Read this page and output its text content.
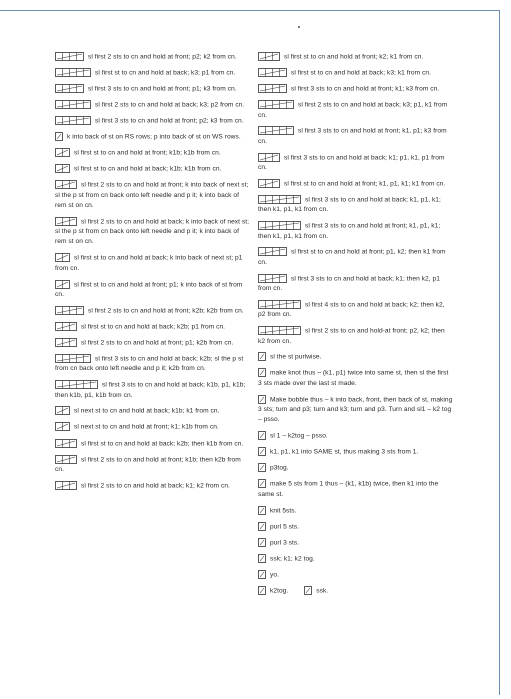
sl first 2 sts to cn and hold at front; p2; k2 from cn.
sl first st to cn and hold at back; k3; p1 from cn.
sl first 3 sts to cn and hold at front; p1; k3 from cn.
sl first 2 sts to cn and hold at back; k3; p2 from cn.
sl first 3 sts to cn and hold at front; p2; k3 from cn.
k into back of st on RS rows; p into back of st on WS rows.
sl first st to cn and hold at front; k1b; k1b from cn.
sl first st to cn and hold at back; k1b; k1b from cn.
sl first 2 sts to cn and hold at front; k into back of next st; sl the p st from cn back onto left needle and p it; k into back of rem st on cn.
sl first 2 sts to cn and hold at back; k into back of next st; sl the p st from cn back onto left needle and p it; k into back of rem st on cn.
sl first st to cn and hold at back; k into back of next st; p1 from cn.
sl first st to cn and hold at front; p1; k into back of st from cn.
sl first 2 sts to cn and hold at front; k2b; k2b from cn.
sl first st to cn and hold at back; k2b; p1 from cn.
sl first 2 sts to cn and hold at front; p1; k2b from cn.
sl first 3 sts to cn and hold at back; k2b; sl the p st from cn back onto left needle and p it; k2b from cn.
sl first 3 sts to cn and hold at back; k1b, p1, k1b; then k1b, p1, k1b from cn.
sl next st to cn and hold at back; k1b; k1 from cn.
sl next st to cn and hold at front; k1; k1b from cn.
sl first st to cn and hold at back; k2b; then k1b from cn.
sl first 2 sts to cn and hold at front; k1b; then k2b from cn.
sl first 2 sts to cn and hold at back; k1; k2 from cn.
sl first st to cn and hold at front; k2; k1 from cn.
sl first st to cn and hold at back; k3; k1 from cn.
sl first 3 sts to cn and hold at front; k1; k3 from cn.
sl first 2 sts to cn and hold at back; k3; p1, k1 from cn.
sl first 3 sts to cn and hold at front; k1, p1; k3 from cn.
sl first 3 sts to cn and hold at back; k1; p1, k1, p1 from cn.
sl first st to cn and hold at front; k1, p1, k1; k1 from cn.
sl first 3 sts to cn and hold at back; k1, p1, k1; then k1, p1, k1 from cn.
sl first 3 sts to cn and hold at front; k1, p1, k1; then k1, p1, k1 from cn.
sl first st to cn and hold at front; p1, k2; then k1 from cn.
sl first 3 sts to cn and hold at back; k1; then k2, p1 from cn.
sl first 4 sts to cn and hold at back; k2; then k2, p2 from cn.
sl first 2 sts to cn and hold-at front; p2, k2; then k2 from cn.
sl the st purlwise.
make knot thus – (k1, p1) twice into same st, then sl the first 3 sts made over the last st made.
Make bobble thus – k into back, front, then back of st, making 3 sts; turn and p3; turn and k3; turn and p3. Turn and sl1 – k2 tog – psso.
sl 1 – k2tog – psso.
k1, p1, k1 into SAME st, thus making 3 sts from 1.
p3tog.
make 5 sts from 1 thus – (k1, k1b) twice, then k1 into the same st.
knit 5sts.
purl 5 sts.
purl 3 sts.
ssk; k1; k2 tog.
yo.
k2tog.	ssk.
